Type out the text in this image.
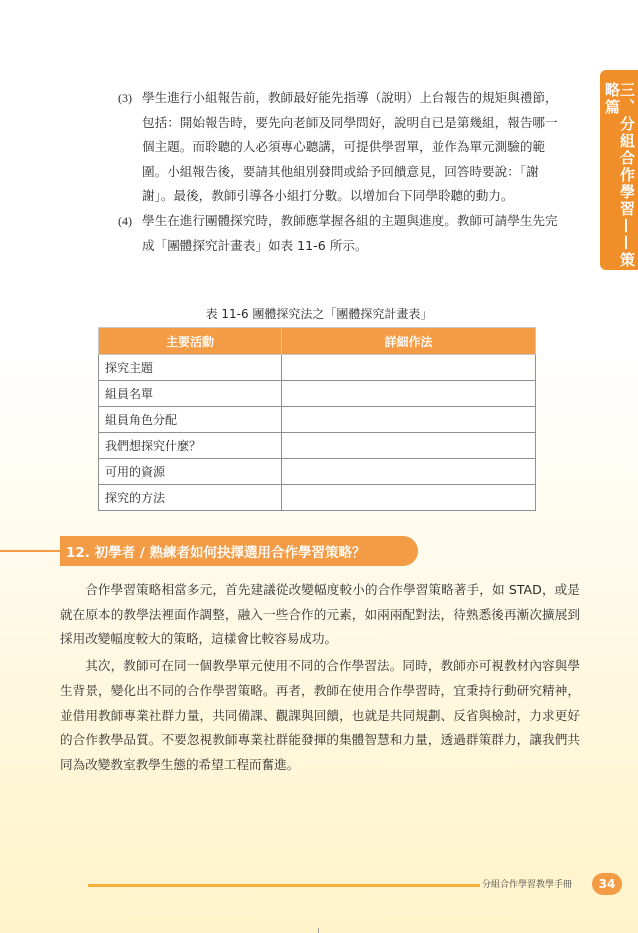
三、分組合作學習——策略篇
(3) 學生進行小組報告前，教師最好能先指導（說明）上台報告的規矩與禮節，包括：開始報告時，要先向老師及同學問好，說明自已是第幾組，報告哪一個主題。而聆聽的人必須專心聽講，可提供學習單，並作為單元測驗的範圍。小組報告後，要請其他組別發問或給予回饋意見，回答時要說：「謝謝」。最後，教師引導各小組打分數。以增加台下同學聆聽的動力。
(4) 學生在進行團體探究時，教師應掌握各組的主題與進度。教師可請學生先完成「團體探究計畫表」如表 11-6 所示。
表 11-6 團體探究法之「團體探究計畫表」
主要活動	詳細作法
探究主題	
組員名單	
組員角色分配	
我們想探究什麼？	
可用的資源	
探究的方法	
12. 初學者 / 熟練者如何抉擇選用合作學習策略？

合作學習策略相當多元，首先建議從改變幅度較小的合作學習策略著手，如 STAD，或是就在原本的教學法裡面作調整，融入一些合作的元素，如兩兩配對法，待熟悉後再漸次擴展到採用改變幅度較大的策略，這樣會比較容易成功。

其次，教師可在同一個教學單元使用不同的合作學習法。同時，教師亦可視教材內容與學生背景，變化出不同的合作學習策略。再者，教師在使用合作學習時，宜秉持行動研究精神，並借用教師專業社群力量，共同備課、觀課與回饋，也就是共同規劃、反省與檢討，力求更好的合作教學品質。不要忽視教師專業社群能發揮的集體智慧和力量，透過群策群力，讓我們共同為改變教室教學生態的希望工程而奮進。

分組合作學習教學手冊	34
